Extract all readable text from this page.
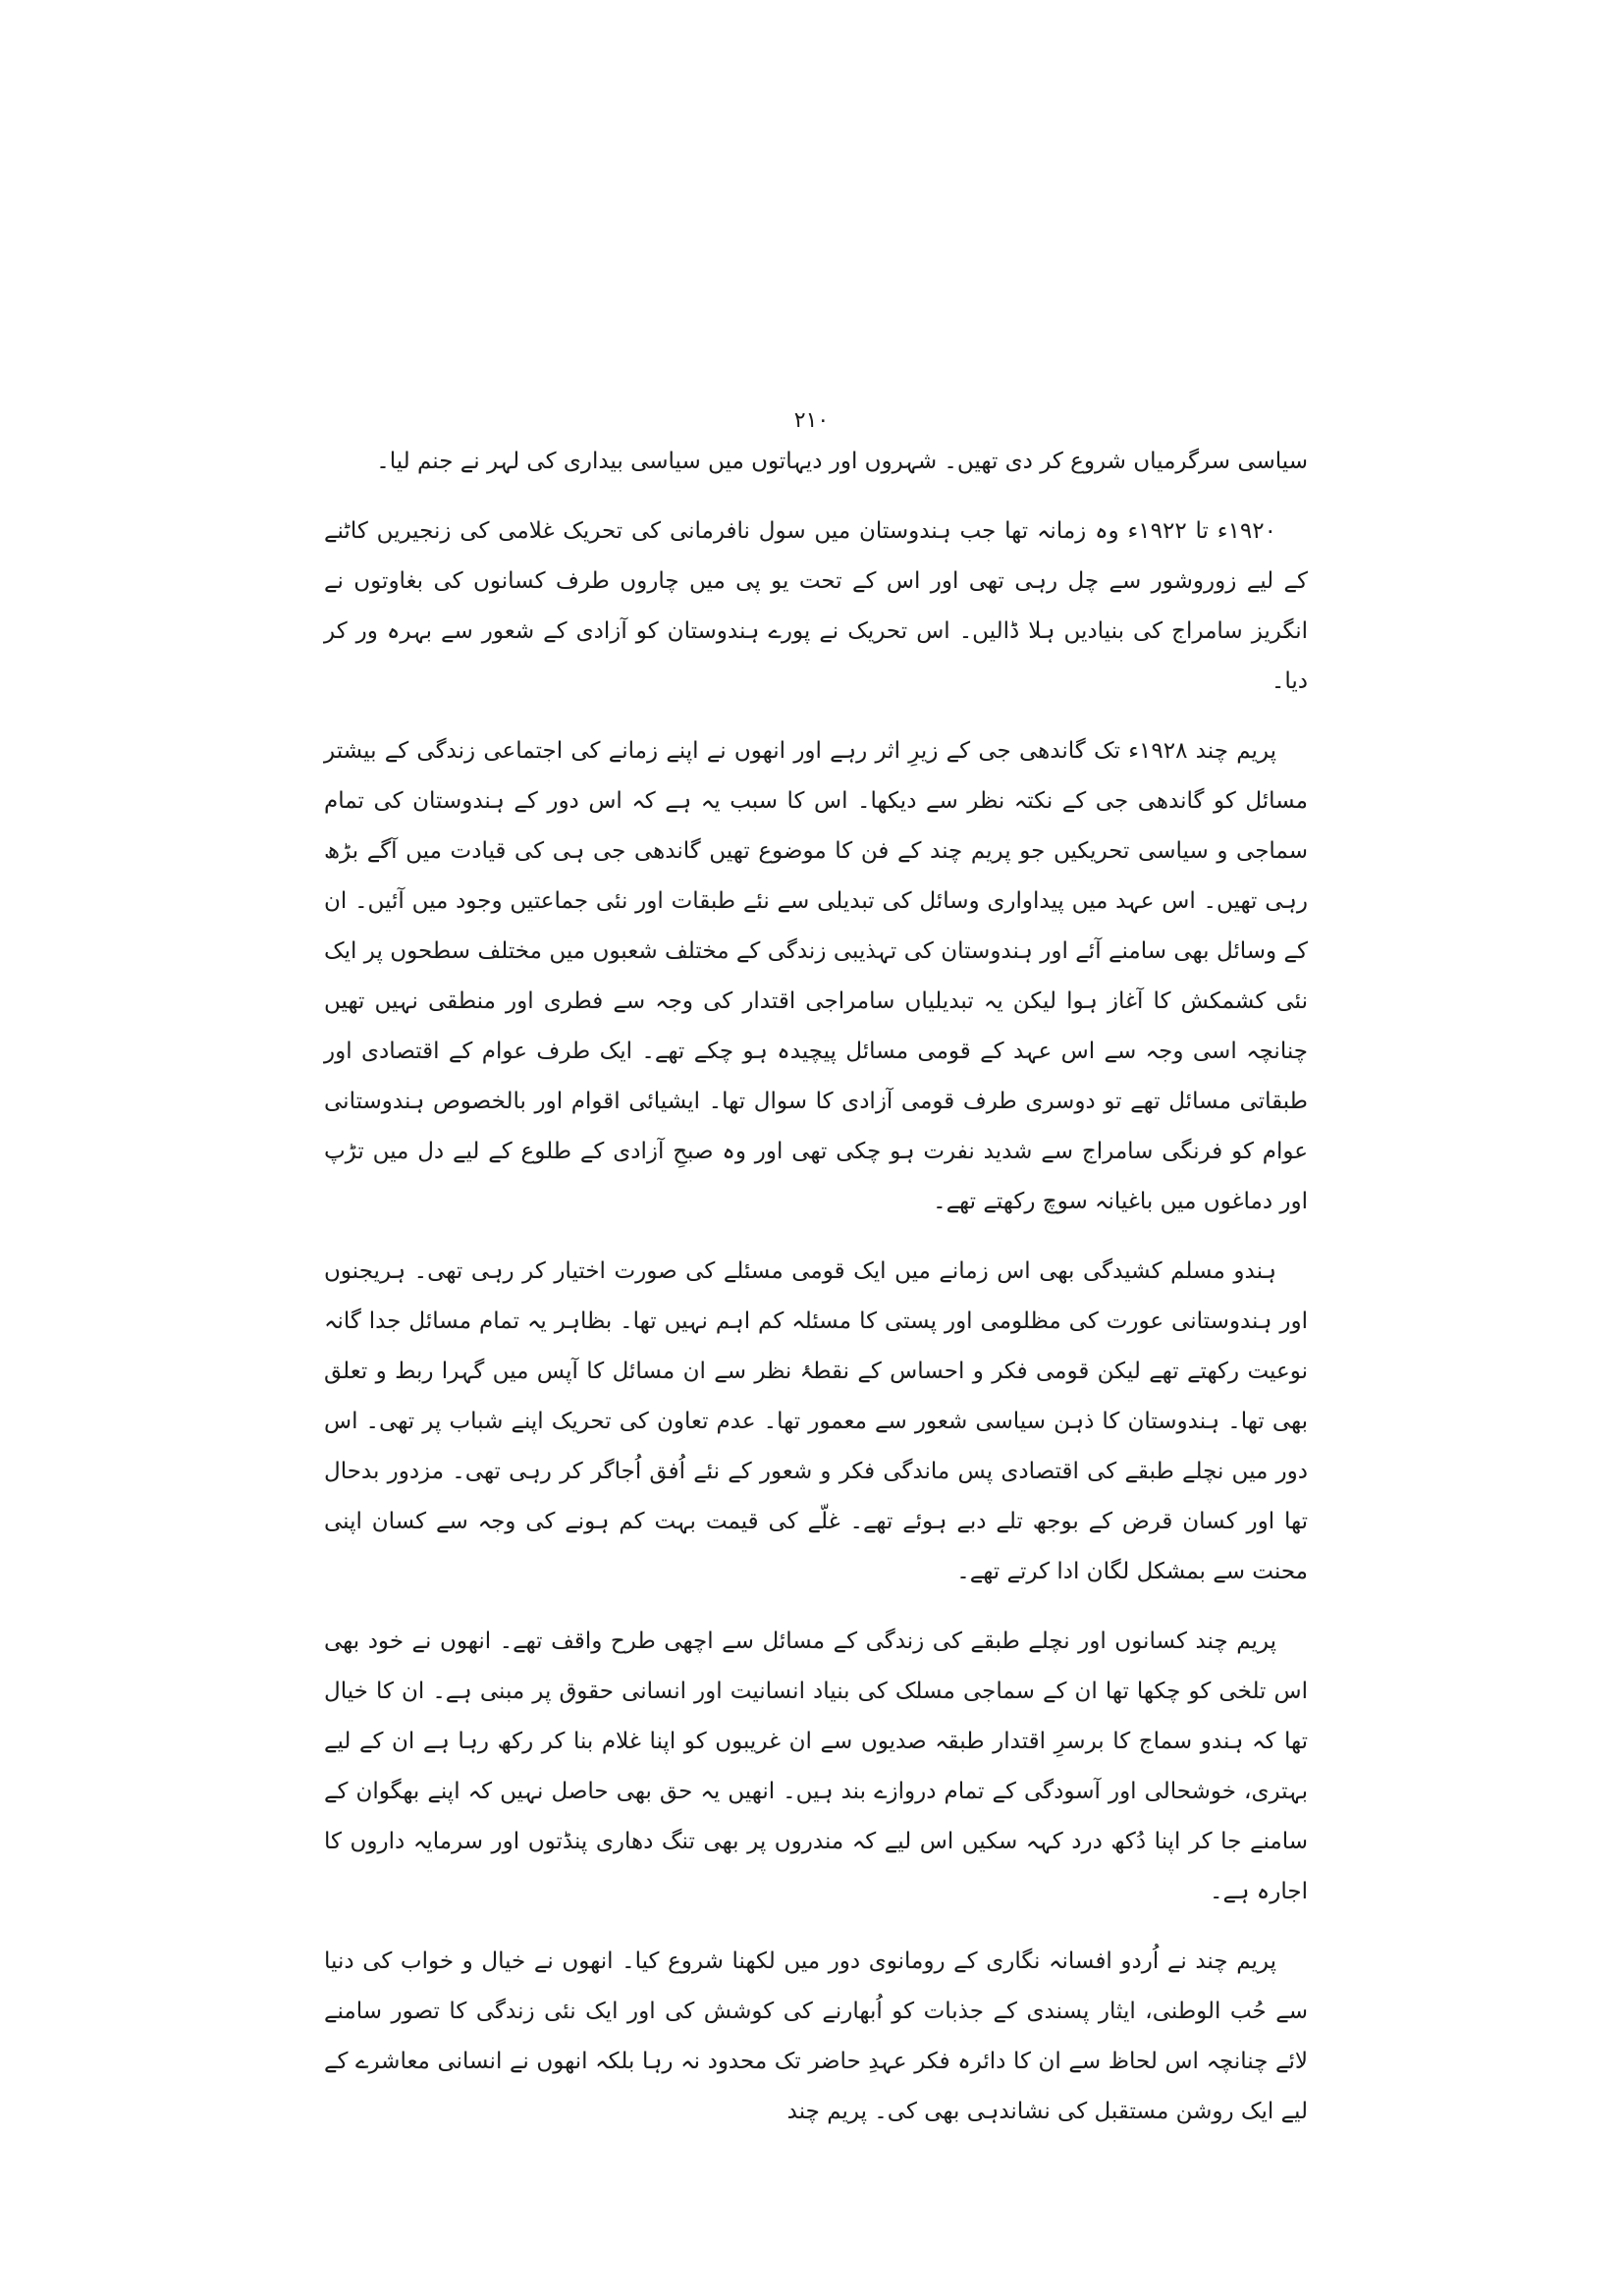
۲۱۰

سیاسی سرگرمیاں شروع کر دی تھیں۔ شہروں اور دیہاتوں میں سیاسی بیداری کی لہر نے جنم لیا۔

۱۹۲۰ء تا ۱۹۲۲ء وہ زمانہ تھا جب ہندوستان میں سول نافرمانی کی تحریک غلامی کی زنجیریں کاٹنے کے لیے زوروشور سے چل رہی تھی اور اس کے تحت یو پی میں چاروں طرف کسانوں کی بغاوتوں نے انگریز سامراج کی بنیادیں ہلا ڈالیں۔ اس تحریک نے پورے ہندوستان کو آزادی کے شعور سے بہرہ ور کر دیا۔

پریم چند ۱۹۲۸ء تک گاندھی جی کے زیرِ اثر رہے اور انھوں نے اپنے زمانے کی اجتماعی زندگی کے بیشتر مسائل کو گاندھی جی کے نکتہ نظر سے دیکھا۔ اس کا سبب یہ ہے کہ اس دور کے ہندوستان کی تمام سماجی و سیاسی تحریکیں جو پریم چند کے فن کا موضوع تھیں گاندھی جی ہی کی قیادت میں آگے بڑھ رہی تھیں۔ اس عہد میں پیداواری وسائل کی تبدیلی سے نئے طبقات اور نئی جماعتیں وجود میں آئیں۔ ان کے وسائل بھی سامنے آئے اور ہندوستان کی تہذیبی زندگی کے مختلف شعبوں میں مختلف سطحوں پر ایک نئی کشمکش کا آغاز ہوا لیکن یہ تبدیلیاں سامراجی اقتدار کی وجہ سے فطری اور منطقی نہیں تھیں چنانچہ اسی وجہ سے اس عہد کے قومی مسائل پیچیدہ ہو چکے تھے۔ ایک طرف عوام کے اقتصادی اور طبقاتی مسائل تھے تو دوسری طرف قومی آزادی کا سوال تھا۔ ایشیائی اقوام اور بالخصوص ہندوستانی عوام کو فرنگی سامراج سے شدید نفرت ہو چکی تھی اور وہ صبحِ آزادی کے طلوع کے لیے دل میں تڑپ اور دماغوں میں باغیانہ سوچ رکھتے تھے۔

ہندو مسلم کشیدگی بھی اس زمانے میں ایک قومی مسئلے کی صورت اختیار کر رہی تھی۔ ہریجنوں اور ہندوستانی عورت کی مظلومی اور پستی کا مسئلہ کم اہم نہیں تھا۔ بظاہر یہ تمام مسائل جدا گانہ نوعیت رکھتے تھے لیکن قومی فکر و احساس کے نقطۂ نظر سے ان مسائل کا آپس میں گہرا ربط و تعلق بھی تھا۔ ہندوستان کا ذہن سیاسی شعور سے معمور تھا۔ عدم تعاون کی تحریک اپنے شباب پر تھی۔ اس دور میں نچلے طبقے کی اقتصادی پس ماندگی فکر و شعور کے نئے اُفق اُجاگر کر رہی تھی۔ مزدور بدحال تھا اور کسان قرض کے بوجھ تلے دبے ہوئے تھے۔ غلّے کی قیمت بہت کم ہونے کی وجہ سے کسان اپنی محنت سے بمشکل لگان ادا کرتے تھے۔

پریم چند کسانوں اور نچلے طبقے کی زندگی کے مسائل سے اچھی طرح واقف تھے۔ انھوں نے خود بھی اس تلخی کو چکھا تھا ان کے سماجی مسلک کی بنیاد انسانیت اور انسانی حقوق پر مبنی ہے۔ ان کا خیال تھا کہ ہندو سماج کا برسرِ اقتدار طبقہ صدیوں سے ان غریبوں کو اپنا غلام بنا کر رکھ رہا ہے ان کے لیے بہتری، خوشحالی اور آسودگی کے تمام دروازے بند ہیں۔ انھیں یہ حق بھی حاصل نہیں کہ اپنے بھگوان کے سامنے جا کر اپنا دُکھ درد کہہ سکیں اس لیے کہ مندروں پر بھی تنگ دھاری پنڈتوں اور سرمایہ داروں کا اجارہ ہے۔

پریم چند نے اُردو افسانہ نگاری کے رومانوی دور میں لکھنا شروع کیا۔ انھوں نے خیال و خواب کی دنیا سے حُب الوطنی، ایثار پسندی کے جذبات کو اُبھارنے کی کوشش کی اور ایک نئی زندگی کا تصور سامنے لائے چنانچہ اس لحاظ سے ان کا دائرہ فکر عہدِ حاضر تک محدود نہ رہا بلکہ انھوں نے انسانی معاشرے کے لیے ایک روشن مستقبل کی نشاندہی بھی کی۔ پریم چند
